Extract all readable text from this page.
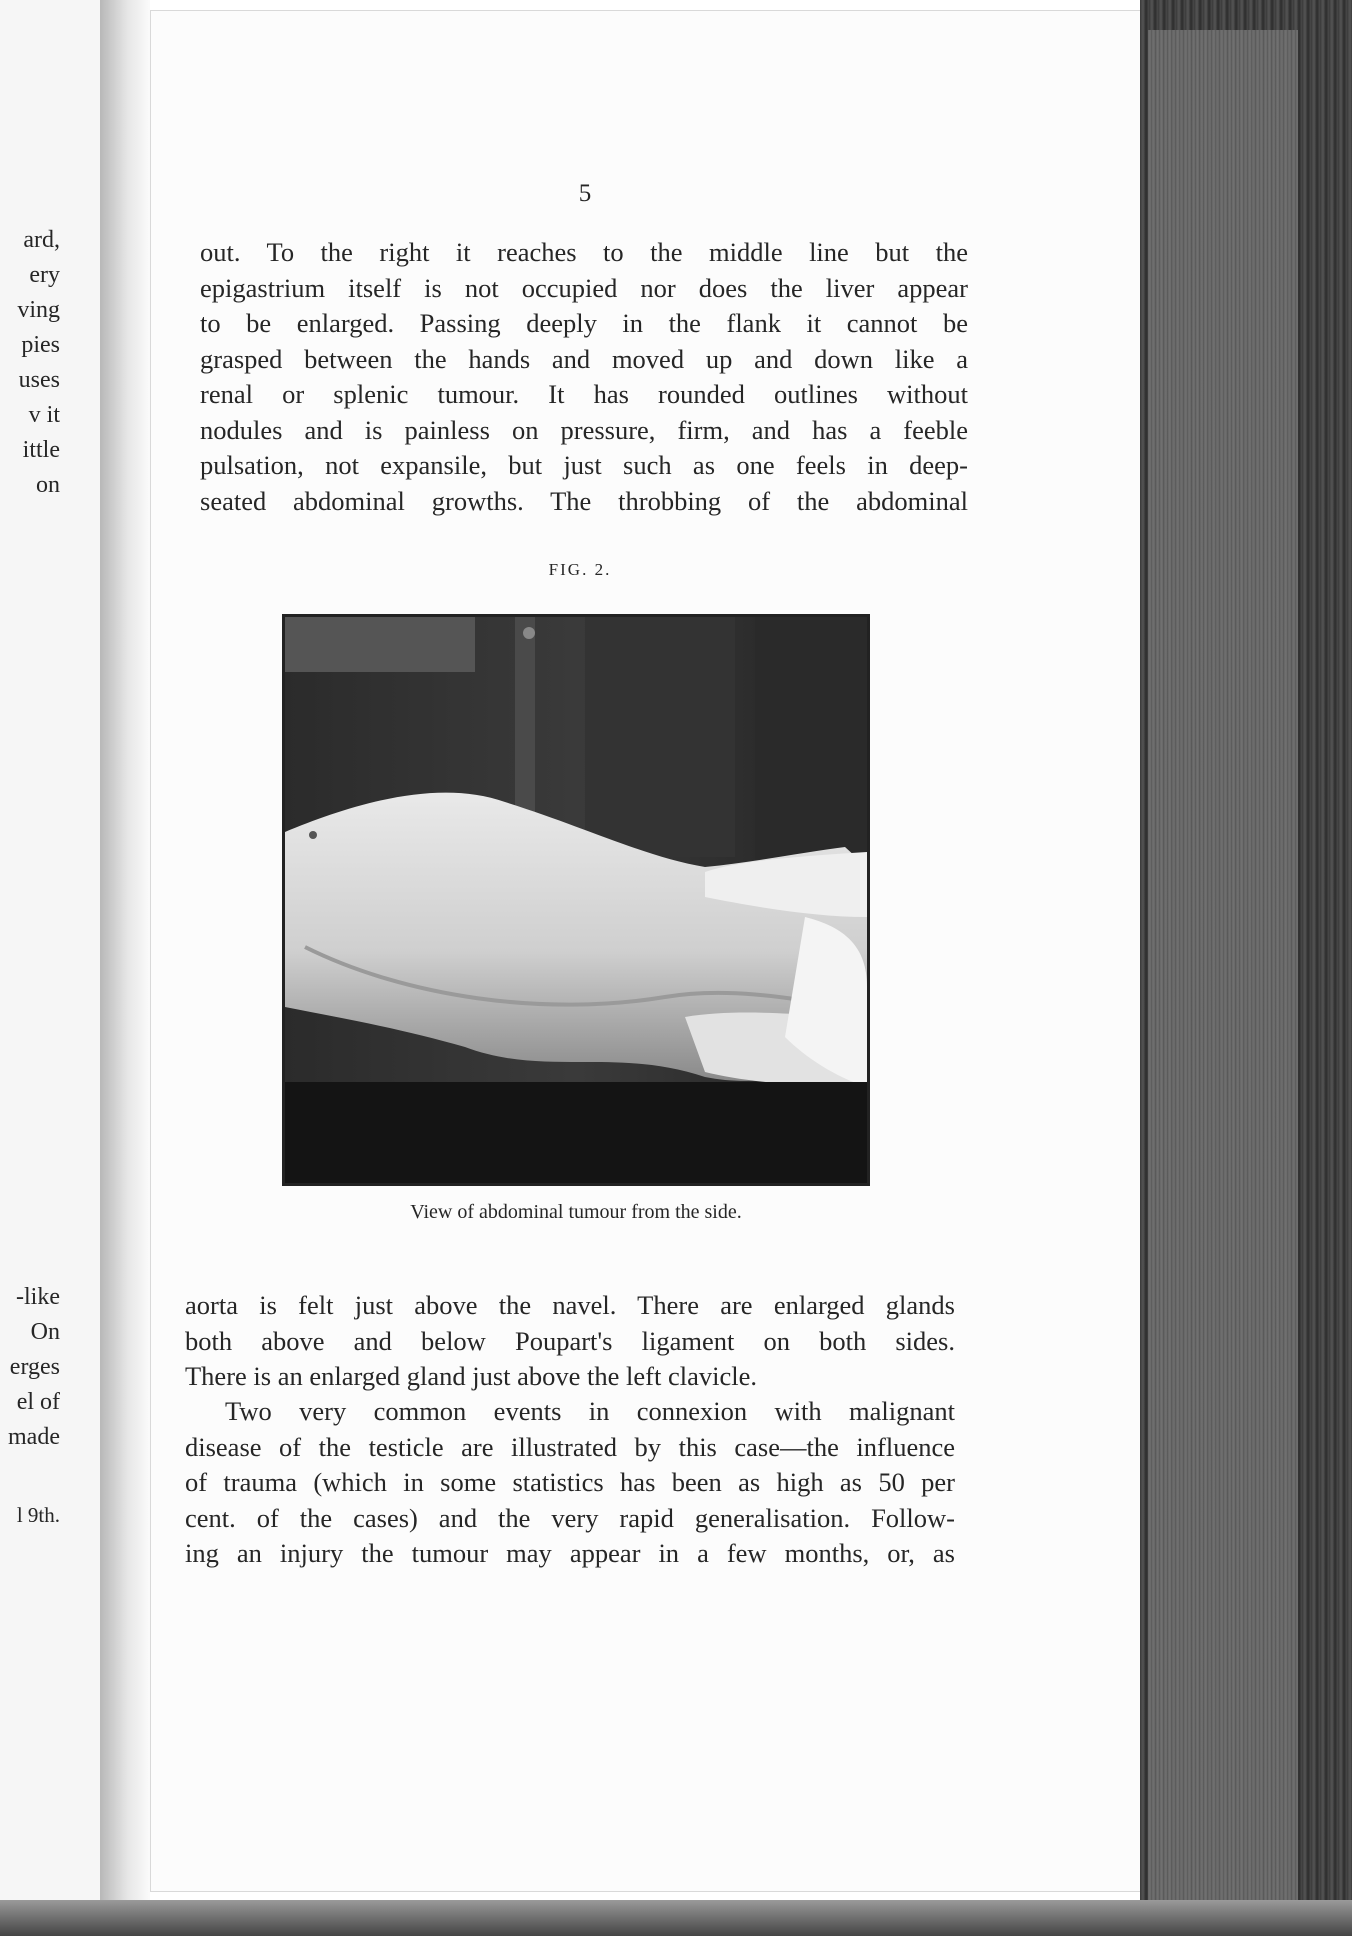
ard,
ery
ving
pies
uses
v it
ittle
on
-like
On
erges
el of
made
l 9th.
5
out. To the right it reaches to the middle line but the
epigastrium itself is not occupied nor does the liver appear
to be enlarged. Passing deeply in the flank it cannot be
grasped between the hands and moved up and down like a
renal or splenic tumour. It has rounded outlines without
nodules and is painless on pressure, firm, and has a feeble
pulsation, not expansile, but just such as one feels in deep-
seated abdominal growths. The throbbing of the abdominal
FIG. 2.
View of abdominal tumour from the side.
aorta is felt just above the navel. There are enlarged glands
both above and below Poupart's ligament on both sides.
There is an enlarged gland just above the left clavicle.
Two very common events in connexion with malignant
disease of the testicle are illustrated by this case—the influence
of trauma (which in some statistics has been as high as 50 per
cent. of the cases) and the very rapid generalisation. Follow-
ing an injury the tumour may appear in a few months, or, as
